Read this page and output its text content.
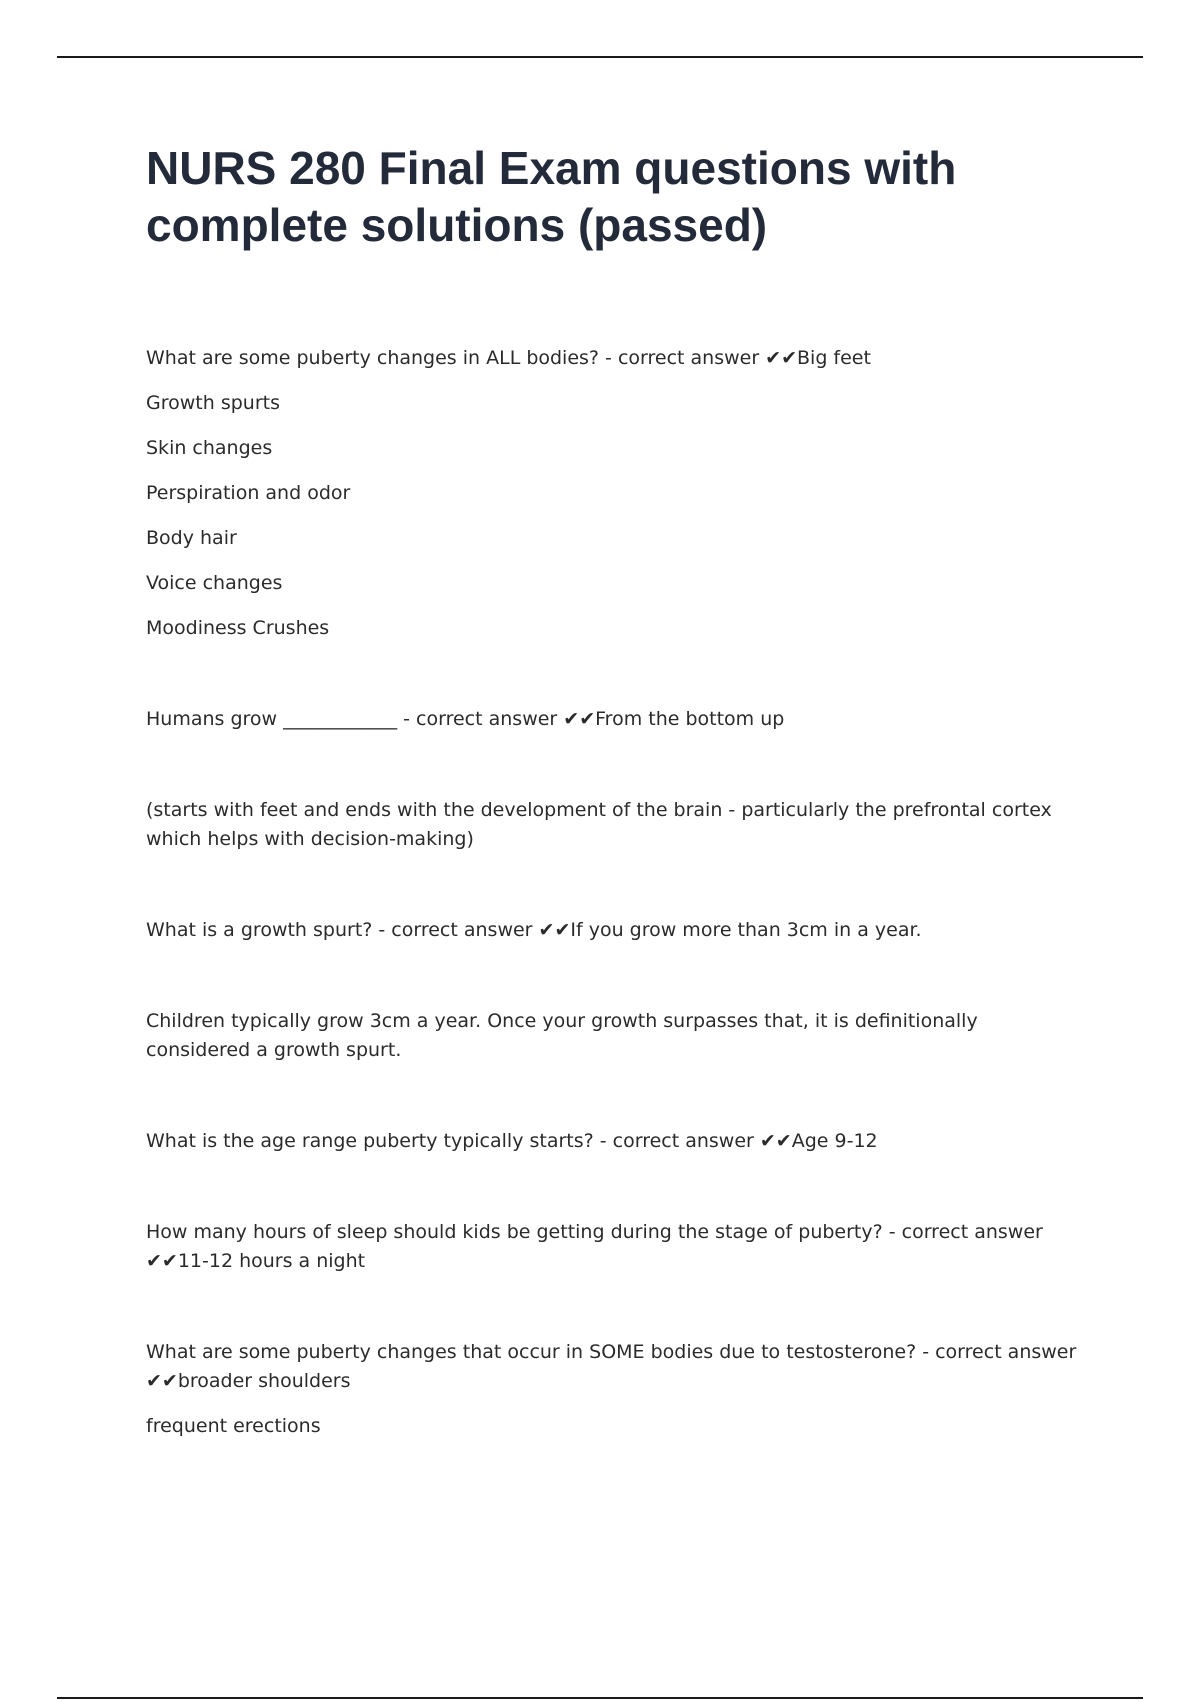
NURS 280 Final Exam questions with complete solutions (passed)

What are some puberty changes in ALL bodies? - correct answer ✔✔Big feet

Growth spurts

Skin changes

Perspiration and odor

Body hair

Voice changes

Moodiness Crushes

Humans grow ____________ - correct answer ✔✔From the bottom up

(starts with feet and ends with the development of the brain - particularly the prefrontal cortex which helps with decision-making)

What is a growth spurt? - correct answer ✔✔If you grow more than 3cm in a year.

Children typically grow 3cm a year. Once your growth surpasses that, it is definitionally considered a growth spurt.

What is the age range puberty typically starts? - correct answer ✔✔Age 9-12

How many hours of sleep should kids be getting during the stage of puberty? - correct answer ✔✔11-12 hours a night

What are some puberty changes that occur in SOME bodies due to testosterone? - correct answer ✔✔broader shoulders

frequent erections
